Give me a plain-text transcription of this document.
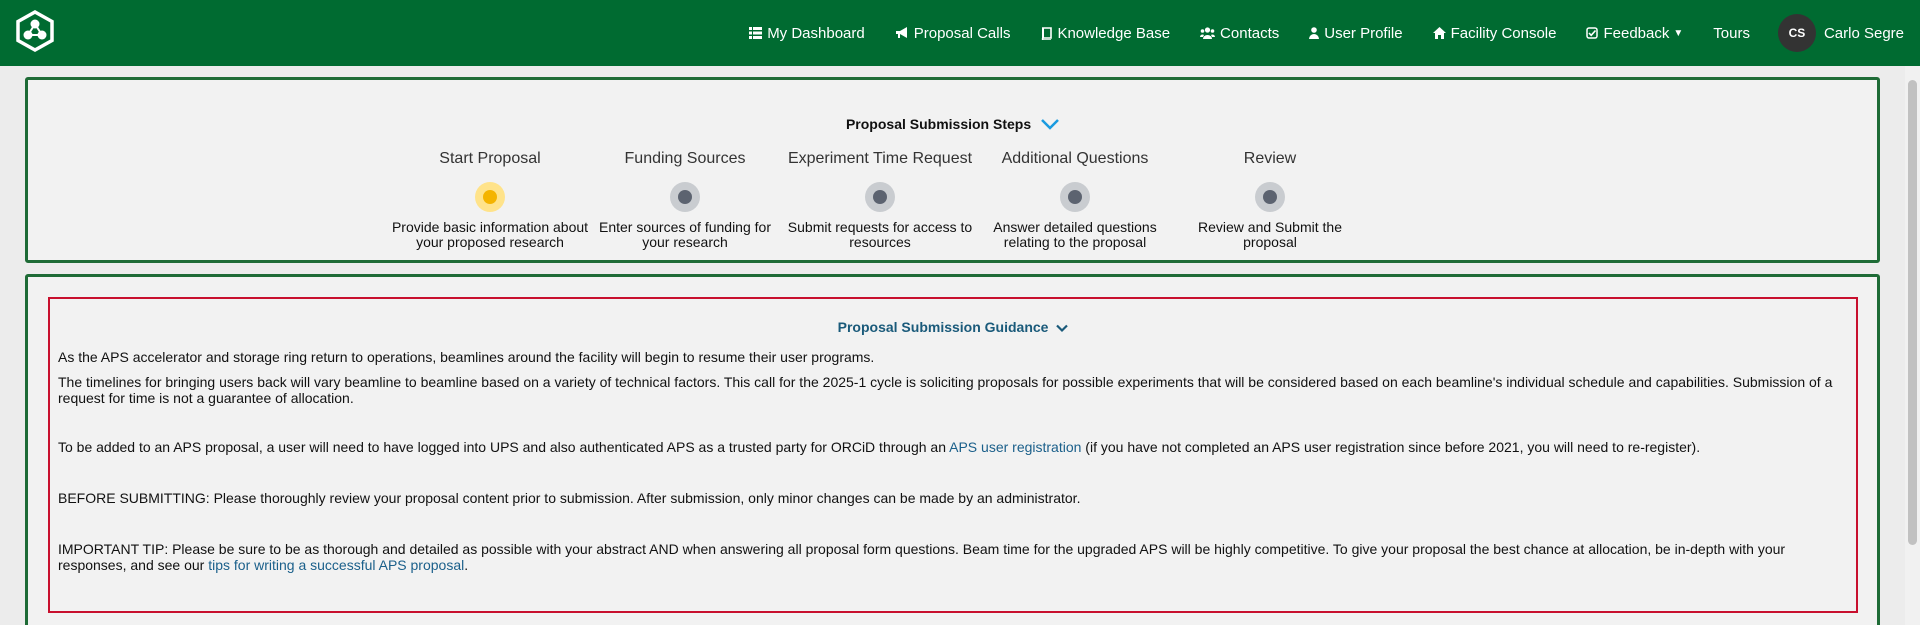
My Dashboard	Proposal Calls	Knowledge Base	Contacts	User Profile	Facility Console	Feedback ▼ Tours	CS	Carlo Segre
Proposal Submission Steps
Start Proposal
Provide basic information about your proposed research
Funding Sources
Enter sources of funding for your research
Experiment Time Request
Submit requests for access to resources
Additional Questions
Answer detailed questions relating to the proposal
Review
Review and Submit the proposal
Proposal Submission Guidance
As the APS accelerator and storage ring return to operations, beamlines around the facility will begin to resume their user programs.
The timelines for bringing users back will vary beamline to beamline based on a variety of technical factors. This call for the 2025-1 cycle is soliciting proposals for possible experiments that will be considered based on each beamline's individual schedule and capabilities. Submission of a request for time is not a guarantee of allocation.
To be added to an APS proposal, a user will need to have logged into UPS and also authenticated APS as a trusted party for ORCiD through an APS user registration (if you have not completed an APS user registration since before 2021, you will need to re-register).
BEFORE SUBMITTING: Please thoroughly review your proposal content prior to submission. After submission, only minor changes can be made by an administrator.
IMPORTANT TIP: Please be sure to be as thorough and detailed as possible with your abstract AND when answering all proposal form questions. Beam time for the upgraded APS will be highly competitive. To give your proposal the best chance at allocation, be in-depth with your responses, and see our tips for writing a successful APS proposal.
